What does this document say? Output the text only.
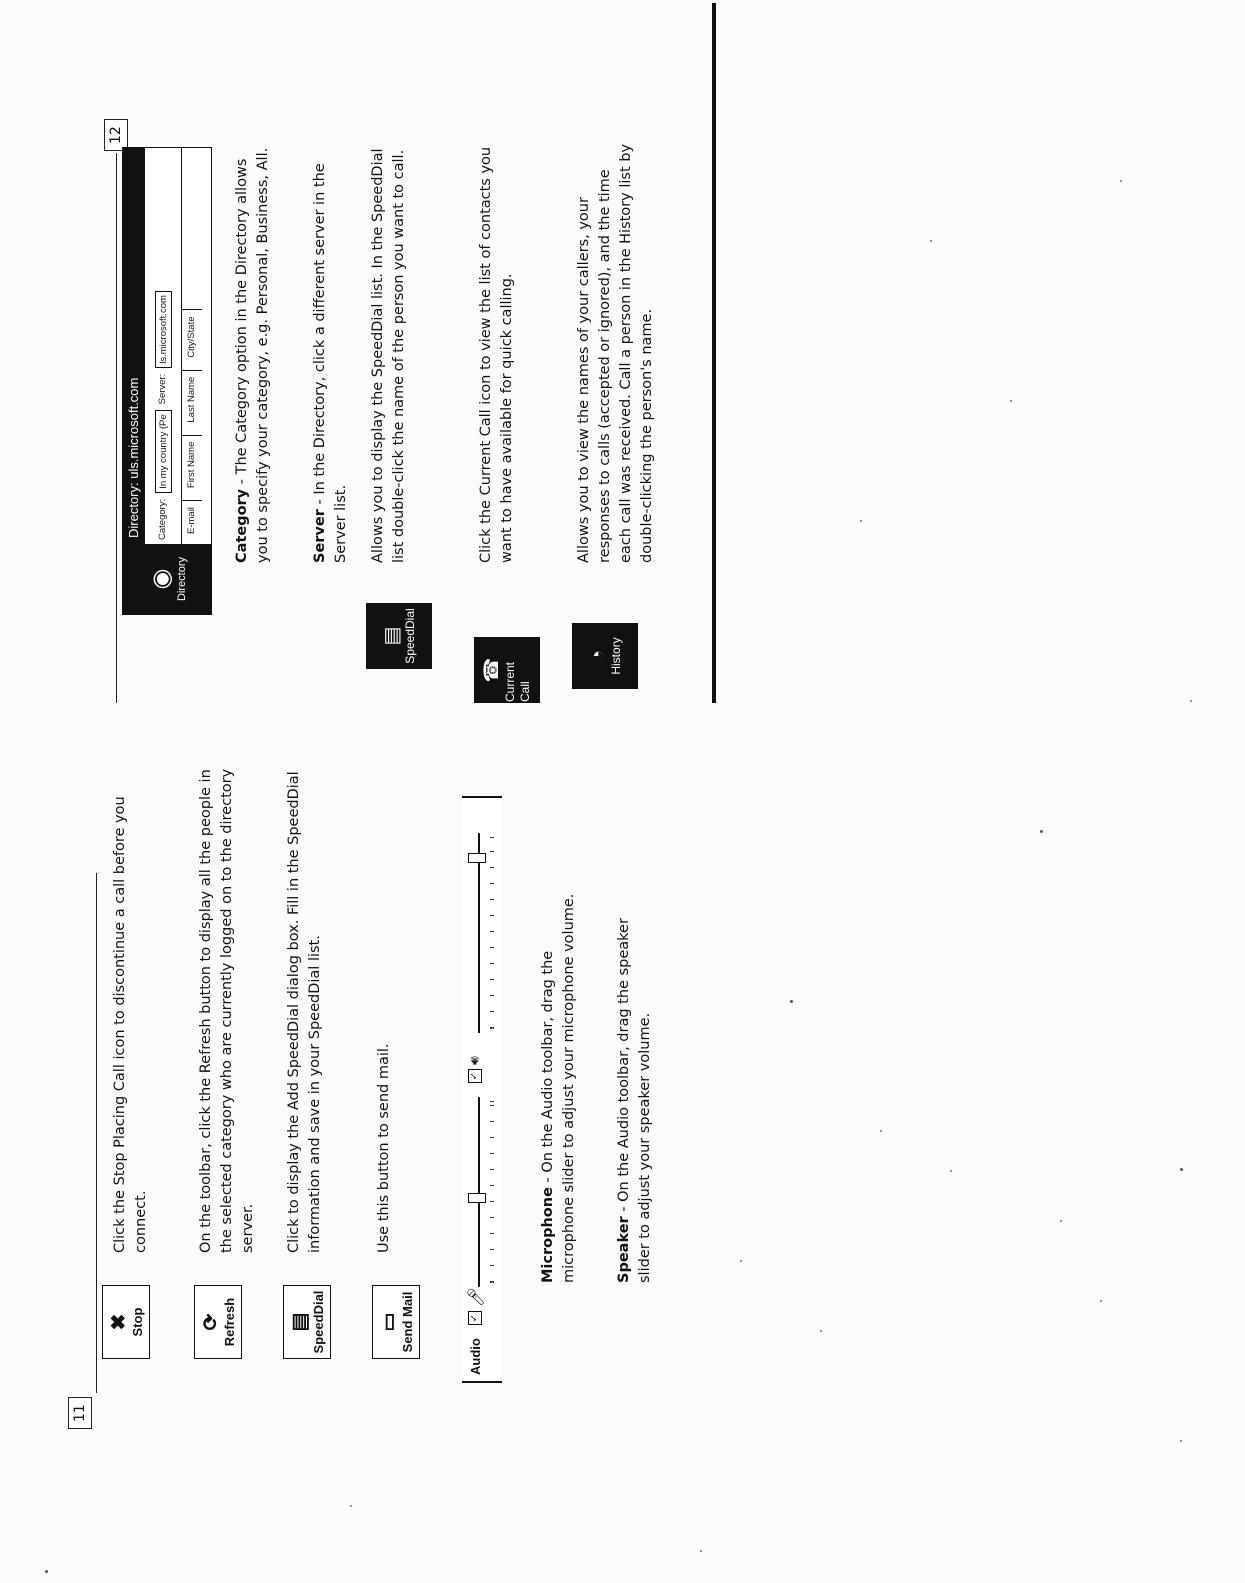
11
✖ Stop

Click the Stop Placing Call icon to discontinue a call before you connect.

⟳ Refresh

On the toolbar, click the Refresh button to display all the people in the selected category who are currently logged on to the directory server.

▤ SpeedDial

Click to display the Add SpeedDial dialog box. Fill in the SpeedDial information and save in your SpeedDial list.

▭ Send Mail

Use this button to send mail.

Audio
✓
🎤︎
✓
🔊︎

Microphone - On the Audio toolbar, drag the microphone slider to adjust your microphone volume.	Speaker - On the Audio toolbar, drag the speaker slider to adjust your speaker volume.

12
◉ Directory
Directory: uls.microsoft.com	Category:
In my country (Pe
Server:
ls.microsoft.com
E-mail
First Name
Last Name
City/State

Category - The Category option in the Directory allows you to specify your category, e.g. Personal, Business, All.	Server - In the Directory, click a different server in the Server list.

▤ SpeedDial

Allows you to display the SpeedDial list. In the SpeedDial list double-click the name of the person you want to call.

☎ Current Call

Click the Current Call icon to view the list of contacts you want to have available for quick calling.

◔ History

Allows you to view the names of your callers, your responses to calls (accepted or ignored), and the time each call was received. Call a person in the History list by double-clicking the person's name.
